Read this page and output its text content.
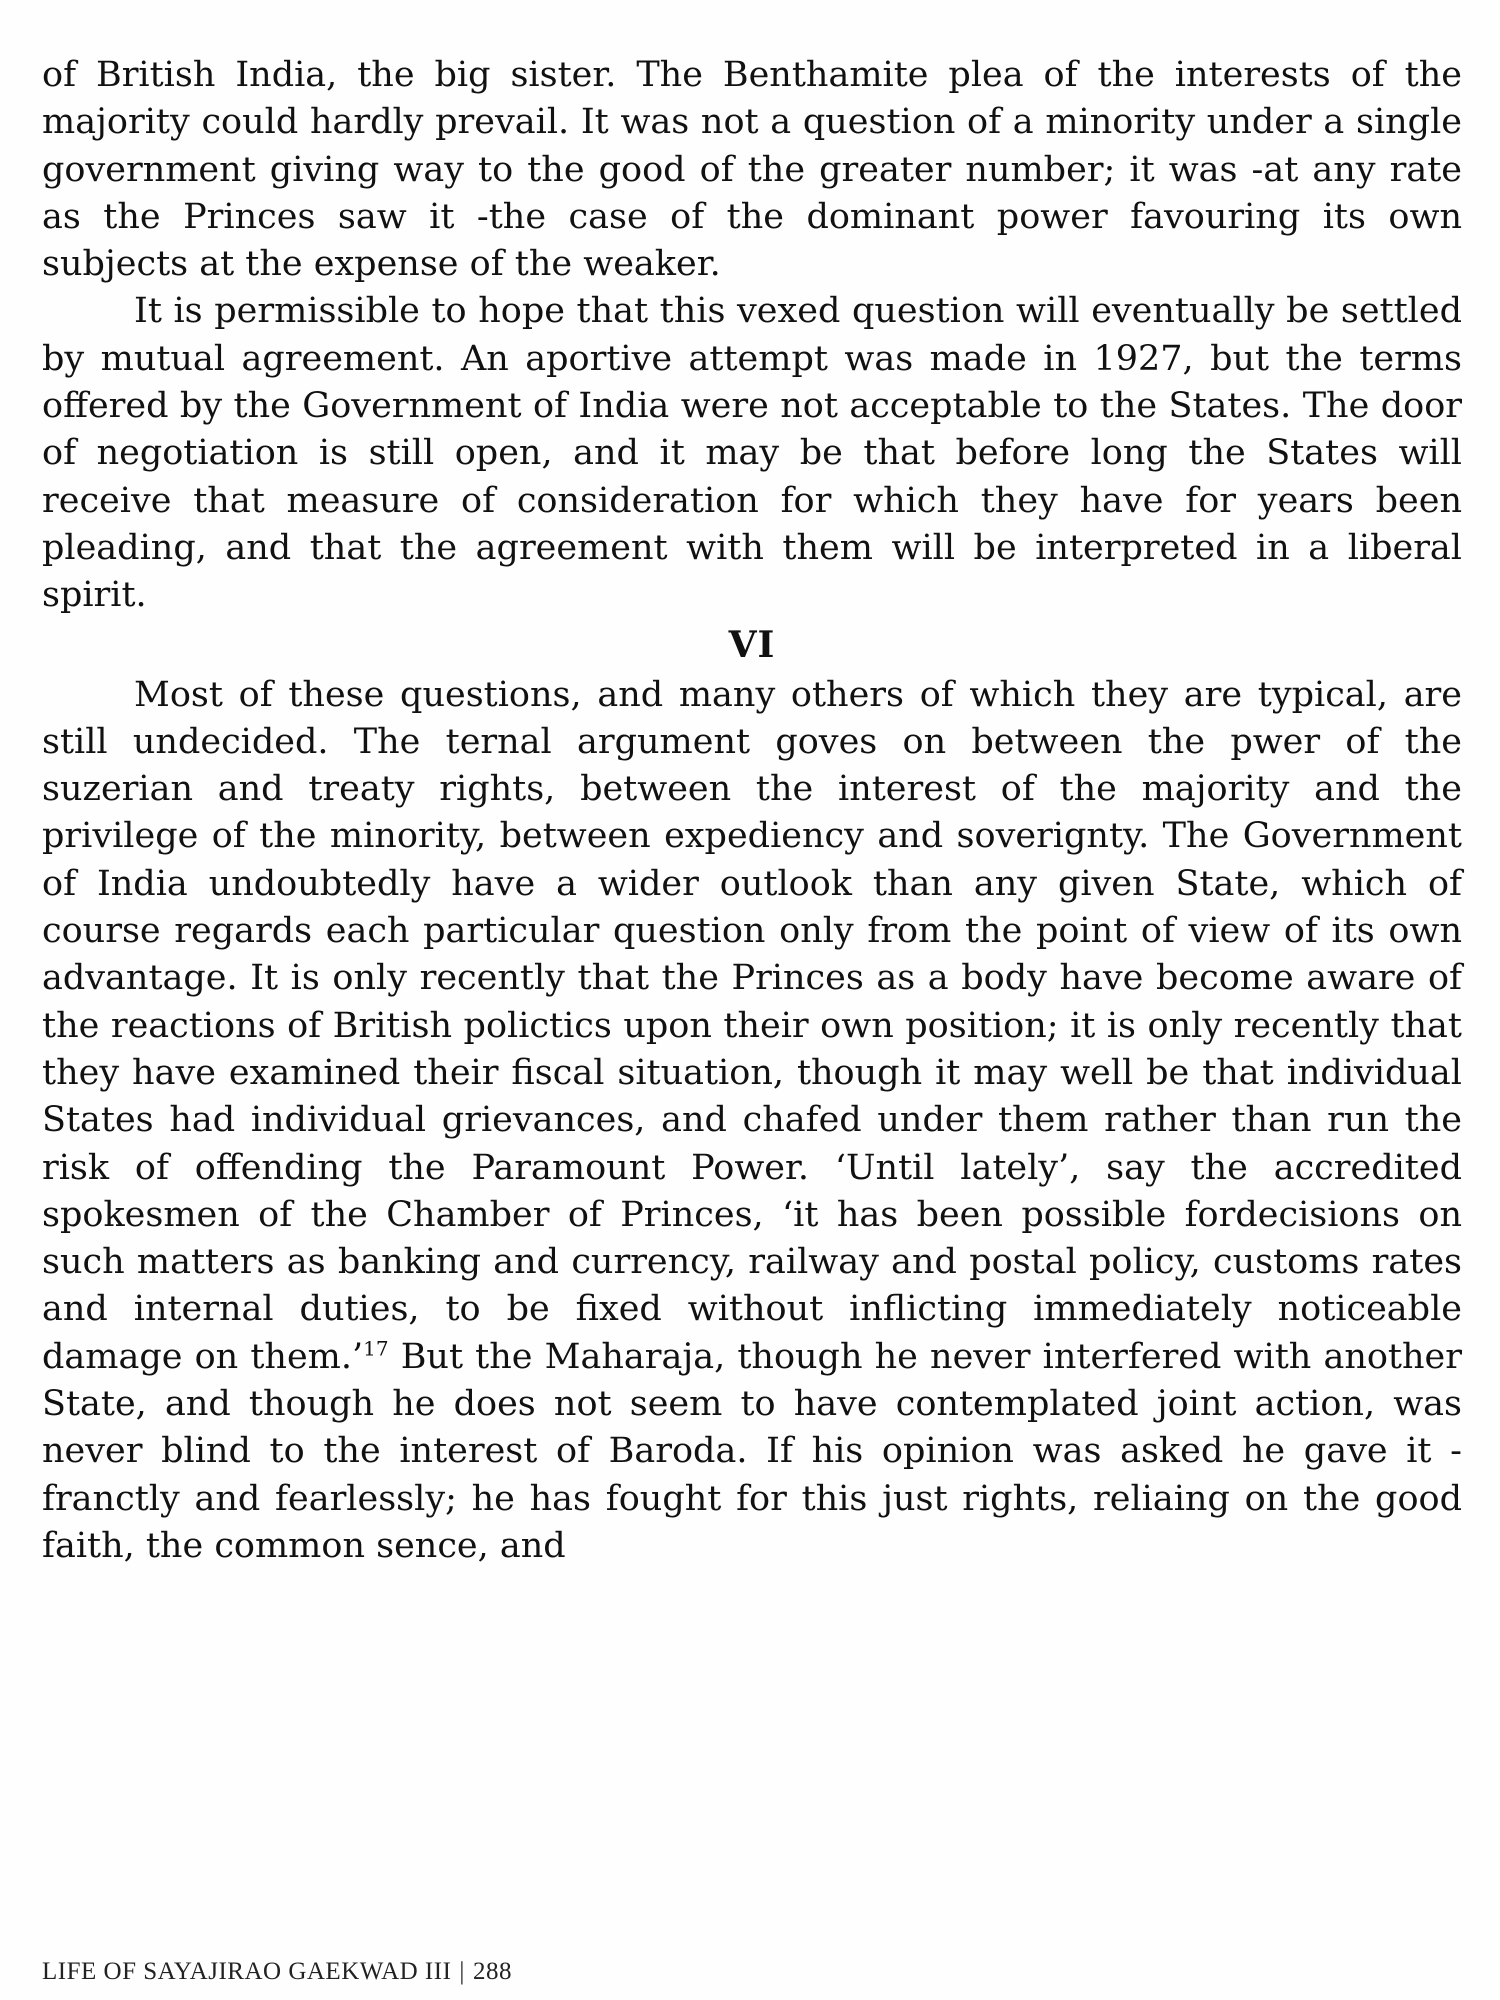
of British India, the big sister. The Benthamite plea of the interests of the majority could hardly prevail. It was not a question of a minority under a single government giving way to the good of the greater number; it was -at any rate as the Princes saw it -the case of the dominant power favouring its own subjects at the expense of the weaker.

It is permissible to hope that this vexed question will eventually be settled by mutual agreement. An aportive attempt was made in 1927, but the terms offered by the Government of India were not acceptable to the States. The door of negotiation is still open, and it may be that before long the States will receive that measure of consideration for which they have for years been pleading, and that the agreement with them will be interpreted in a liberal spirit.

VI

Most of these questions, and many others of which they are typical, are still undecided. The ternal argument goves on between the pwer of the suzerian and treaty rights, between the interest of the majority and the privilege of the minority, between expediency and soverignty. The Government of India undoubtedly have a wider outlook than any given State, which of course regards each particular question only from the point of view of its own advantage. It is only recently that the Princes as a body have become aware of the reactions of British polictics upon their own position; it is only recently that they have examined their fiscal situation, though it may well be that individual States had individual grievances, and chafed under them rather than run the risk of offending the Paramount Power. ‘Until lately’, say the accredited spokesmen of the Chamber of Princes, ‘it has been possible fordecisions on such matters as banking and currency, railway and postal policy, customs rates and internal duties, to be fixed without inflicting immediately noticeable damage on them.’$^{17}$ But the Maharaja, though he never interfered with another State, and though he does not seem to have contemplated joint action, was never blind to the interest of Baroda. If his opinion was asked he gave it - franctly and fearlessly; he has fought for this just rights, reliaing on the good faith, the common sence, and

LIFE OF SAYAJIRAO GAEKWAD III | 288
